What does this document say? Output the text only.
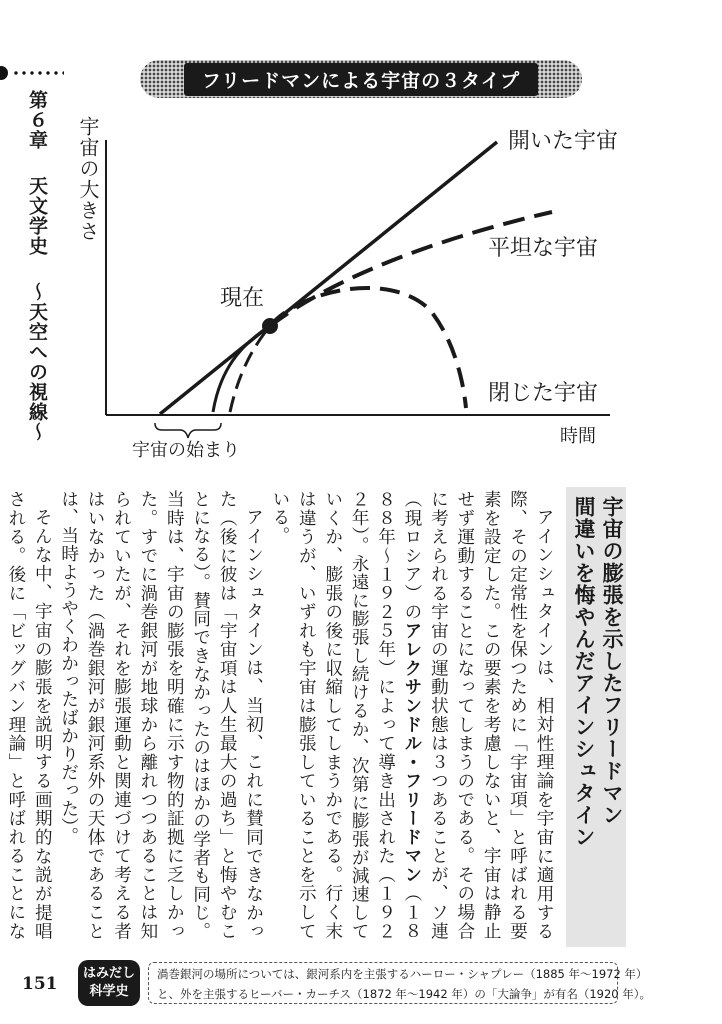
第６章天文学史〜天空への視線〜
フリードマンによる宇宙の３タイプ
宇宙の大きさ	開いた宇宙
平坦な宇宙
閉じた宇宙
現在
宇宙の始まり
時間
宇宙の膨張を示したフリードマン
間違いを悔やんだアインシュタイン

アインシュタインは、相対性理論を宇宙に適用する際、その定常性を保つために「宇宙項」と呼ばれる要素を設定した。この要素を考慮しないと、宇宙は静止せず運動することになってしまうのである。その場合に考えられる宇宙の運動状態は３つあることが、ソ連（現ロシア）のアレクサンドル・フリードマン（１８８８年〜１９２５年）によって導き出された（１９２２年）。永遠に膨張し続けるか、次第に膨張が減速していくか、膨張の後に収縮してしまうかである。行く末は違うが、いずれも宇宙は膨張していることを示している。

アインシュタインは、当初、これに賛同できなかった（後に彼は「宇宙項は人生最大の過ち」と悔やむことになる）。賛同できなかったのはほかの学者も同じ。当時は、宇宙の膨張を明確に示す物的証拠に乏しかった。すでに渦巻銀河が地球から離れつつあることは知られていたが、それを膨張運動と関連づけて考える者はいなかった（渦巻銀河が銀河系外の天体であることは、当時ようやくわかったばかりだった）。

そんな中、宇宙の膨張を説明する画期的な説が提唱される。後に「ビッグバン理論」と呼ばれることにな

151
はみだし
科学史
渦巻銀河の場所については、銀河系内を主張するハーロー・シャプレー（1885 年〜1972 年）
と、外を主張するヒーバー・カーチス（1872 年〜1942 年）の「大論争」が有名（1920 年）。
